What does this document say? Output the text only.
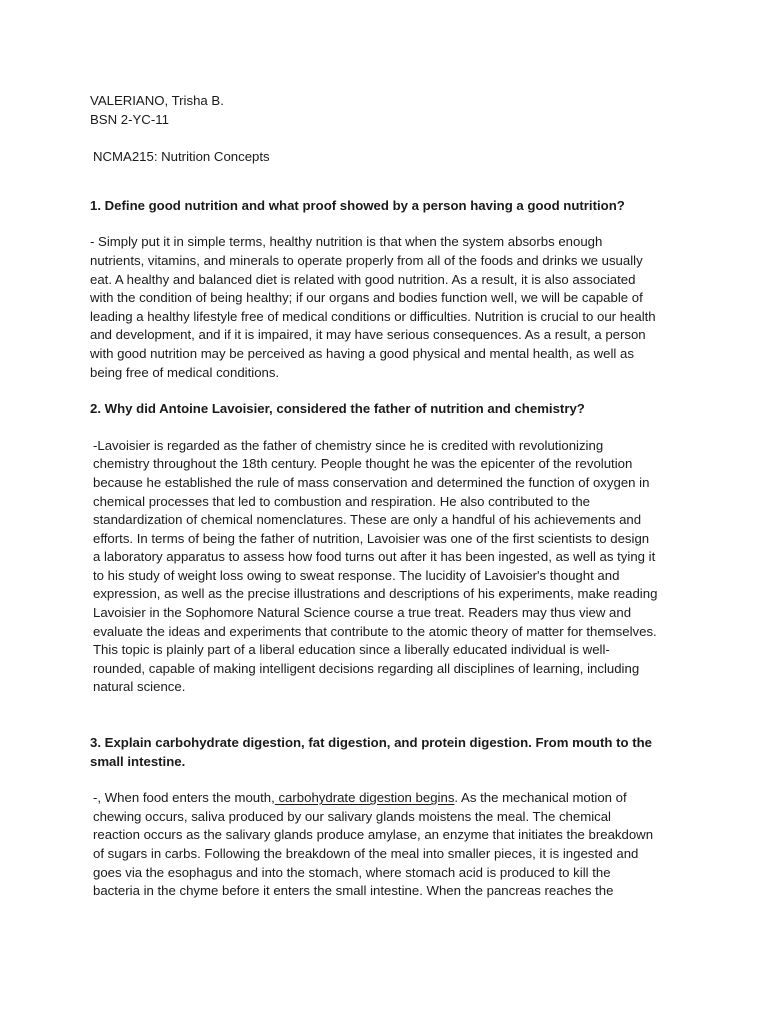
VALERIANO, Trisha B.

BSN 2-YC-11

NCMA215: Nutrition Concepts

1. Define good nutrition and what proof showed by a person having a good nutrition?

- Simply put it in simple terms, healthy nutrition is that when the system absorbs enough nutrients, vitamins, and minerals to operate properly from all of the foods and drinks we usually eat. A healthy and balanced diet is related with good nutrition. As a result, it is also associated with the condition of being healthy; if our organs and bodies function well, we will be capable of leading a healthy lifestyle free of medical conditions or difficulties. Nutrition is crucial to our health and development, and if it is impaired, it may have serious consequences. As a result, a person with good nutrition may be perceived as having a good physical and mental health, as well as being free of medical conditions.

2. Why did Antoine Lavoisier, considered the father of nutrition and chemistry?

-Lavoisier is regarded as the father of chemistry since he is credited with revolutionizing chemistry throughout the 18th century. People thought he was the epicenter of the revolution because he established the rule of mass conservation and determined the function of oxygen in chemical processes that led to combustion and respiration. He also contributed to the standardization of chemical nomenclatures. These are only a handful of his achievements and efforts. In terms of being the father of nutrition, Lavoisier was one of the first scientists to design a laboratory apparatus to assess how food turns out after it has been ingested, as well as tying it to his study of weight loss owing to sweat response. The lucidity of Lavoisier's thought and expression, as well as the precise illustrations and descriptions of his experiments, make reading Lavoisier in the Sophomore Natural Science course a true treat. Readers may thus view and evaluate the ideas and experiments that contribute to the atomic theory of matter for themselves. This topic is plainly part of a liberal education since a liberally educated individual is well-rounded, capable of making intelligent decisions regarding all disciplines of learning, including natural science.

3. Explain carbohydrate digestion, fat digestion, and protein digestion. From mouth to the small intestine.

-, When food enters the mouth, carbohydrate digestion begins. As the mechanical motion of chewing occurs, saliva produced by our salivary glands moistens the meal. The chemical reaction occurs as the salivary glands produce amylase, an enzyme that initiates the breakdown of sugars in carbs. Following the breakdown of the meal into smaller pieces, it is ingested and goes via the esophagus and into the stomach, where stomach acid is produced to kill the bacteria in the chyme before it enters the small intestine. When the pancreas reaches the
